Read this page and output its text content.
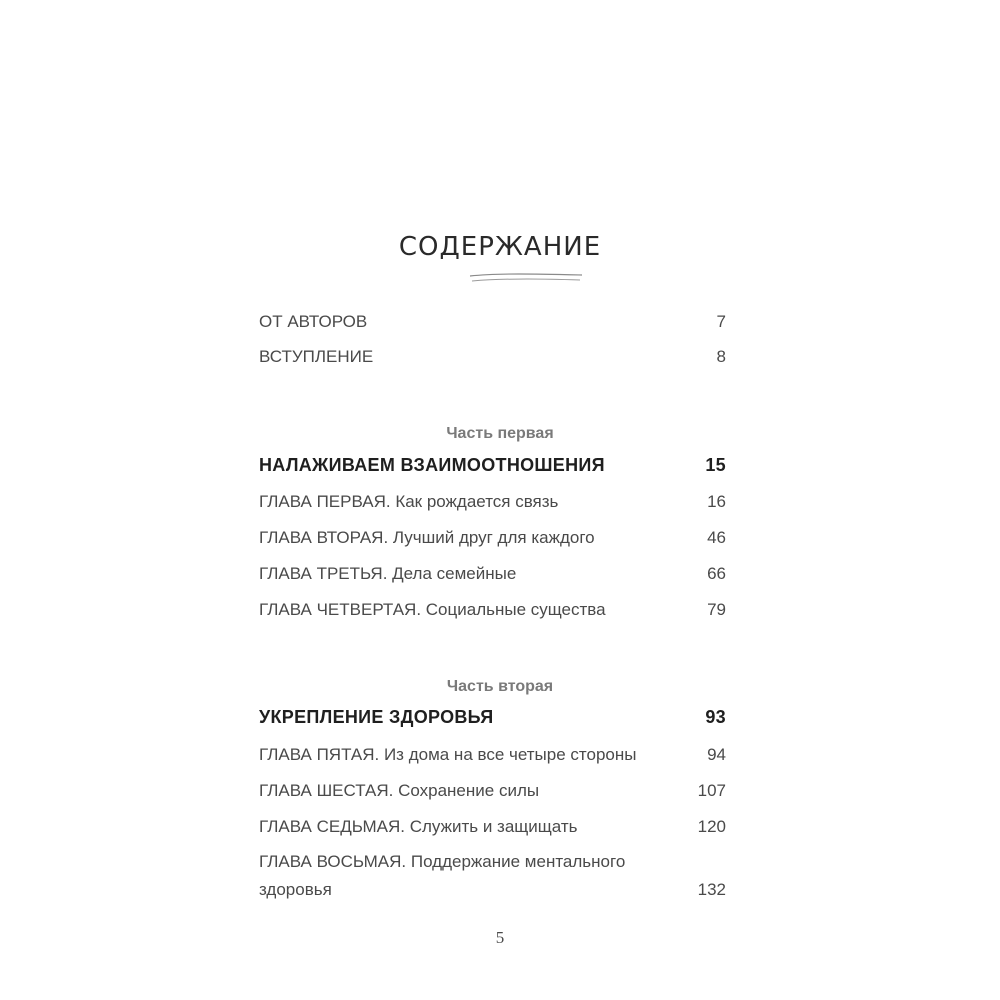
СОДЕРЖАНИЕ
ОТ АВТОРОВ	7
ВСТУПЛЕНИЕ	8
Часть первая
НАЛАЖИВАЕМ ВЗАИМООТНОШЕНИЯ	15
ГЛАВА ПЕРВАЯ. Как рождается связь	16
ГЛАВА ВТОРАЯ. Лучший друг для каждого	46
ГЛАВА ТРЕТЬЯ. Дела семейные	66
ГЛАВА ЧЕТВЕРТАЯ. Социальные существа	79
Часть вторая
УКРЕПЛЕНИЕ ЗДОРОВЬЯ	93
ГЛАВА ПЯТАЯ. Из дома на все четыре стороны	94
ГЛАВА ШЕСТАЯ. Сохранение силы	107
ГЛАВА СЕДЬМАЯ. Служить и защищать	120
ГЛАВА ВОСЬМАЯ. Поддержание ментального
здоровья	132
5
